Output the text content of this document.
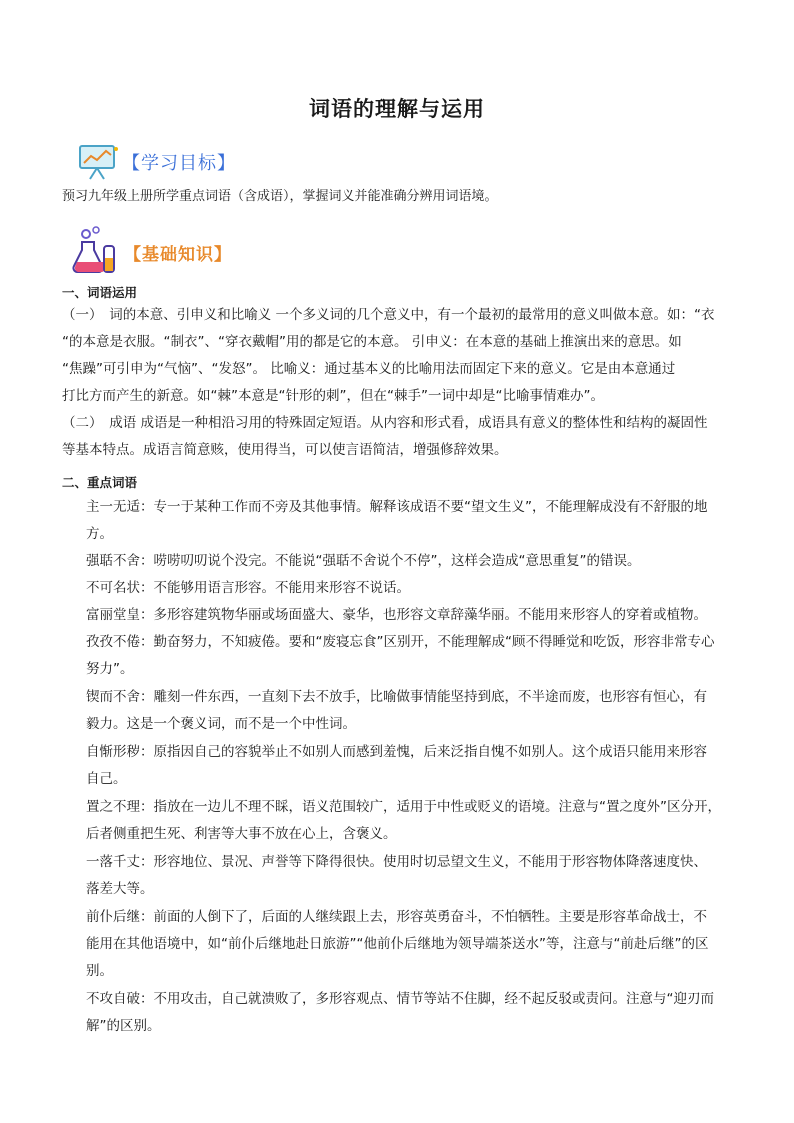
词语的理解与运用
【学习目标】
预习九年级上册所学重点词语（含成语），掌握词义并能准确分辨用词语境。
【基础知识】
一、词语运用
（一）　词的本意、引申义和比喻义 一个多义词的几个意义中，有一个最初的最常用的意义叫做本意。如：“衣
“的本意是衣服。“制衣”、“穿衣戴帽”用的都是它的本意。 引申义：在本意的基础上推演出来的意思。如
“焦躁”可引申为“气恼”、“发怒”。 比喻义：通过基本义的比喻用法而固定下来的意义。它是由本意通过
打比方而产生的新意。如“棘”本意是“针形的刺”，但在“棘手”一词中却是“比喻事情难办”。
（二）　成语 成语是一种相沿习用的特殊固定短语。从内容和形式看，成语具有意义的整体性和结构的凝固性
等基本特点。成语言简意赅，使用得当，可以使言语简洁，增强修辞效果。
二、重点词语
主一无适：专一于某种工作而不旁及其他事情。解释该成语不要“望文生义”，不能理解成没有不舒服的地
方。
强聒不舍：唠唠叨叨说个没完。不能说“强聒不舍说个不停”，这样会造成“意思重复”的错误。
不可名状：不能够用语言形容。不能用来形容不说话。
富丽堂皇：多形容建筑物华丽或场面盛大、豪华，也形容文章辞藻华丽。不能用来形容人的穿着或植物。
孜孜不倦：勤奋努力，不知疲倦。要和“废寝忘食”区别开，不能理解成“顾不得睡觉和吃饭，形容非常专心
努力”。
锲而不舍：雕刻一件东西，一直刻下去不放手，比喻做事情能坚持到底，不半途而废，也形容有恒心，有
毅力。这是一个褒义词，而不是一个中性词。
自惭形秽：原指因自己的容貌举止不如别人而感到羞愧，后来泛指自愧不如别人。这个成语只能用来形容
自己。
置之不理：指放在一边儿不理不睬，语义范围较广，适用于中性或贬义的语境。注意与“置之度外”区分开，
后者侧重把生死、利害等大事不放在心上，含褒义。
一落千丈：形容地位、景况、声誉等下降得很快。使用时切忌望文生义，不能用于形容物体降落速度快、
落差大等。
前仆后继：前面的人倒下了，后面的人继续跟上去，形容英勇奋斗，不怕牺牲。主要是形容革命战士，不
能用在其他语境中，如“前仆后继地赴日旅游”“他前仆后继地为领导端茶送水”等，注意与“前赴后继”的区
别。
不攻自破：不用攻击，自己就溃败了，多形容观点、情节等站不住脚，经不起反驳或责问。注意与“迎刃而
解”的区别。
